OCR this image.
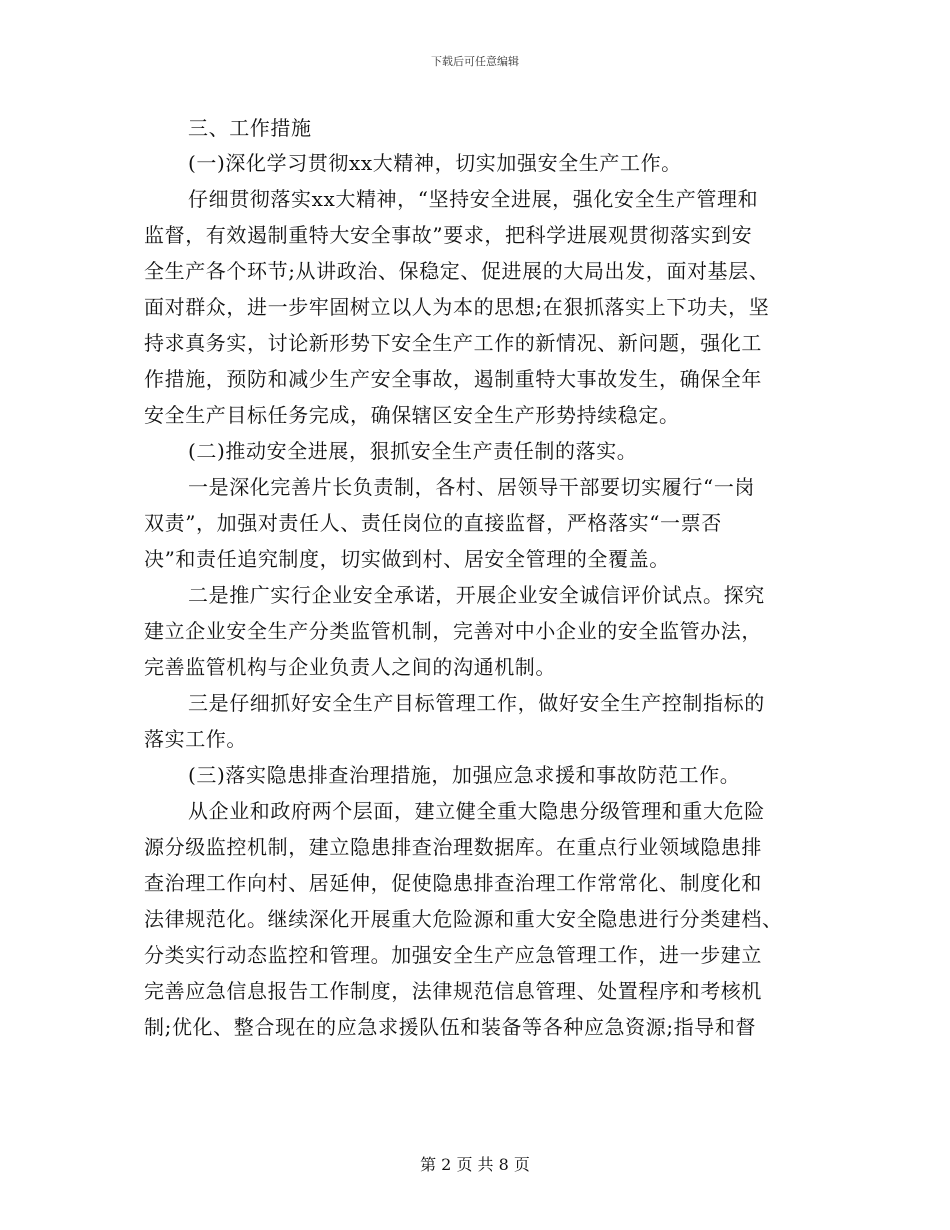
下载后可任意编辑
三、工作措施
(一)深化学习贯彻xx大精神，切实加强安全生产工作。
仔细贯彻落实xx大精神，“坚持安全进展，强化安全生产管理和
监督，有效遏制重特大安全事故”要求，把科学进展观贯彻落实到安
全生产各个环节;从讲政治、保稳定、促进展的大局出发，面对基层、
面对群众，进一步牢固树立以人为本的思想;在狠抓落实上下功夫，坚
持求真务实，讨论新形势下安全生产工作的新情况、新问题，强化工
作措施，预防和减少生产安全事故，遏制重特大事故发生，确保全年
安全生产目标任务完成，确保辖区安全生产形势持续稳定。
(二)推动安全进展，狠抓安全生产责任制的落实。
一是深化完善片长负责制，各村、居领导干部要切实履行“一岗
双责”，加强对责任人、责任岗位的直接监督，严格落实“一票否
决”和责任追究制度，切实做到村、居安全管理的全覆盖。
二是推广实行企业安全承诺，开展企业安全诚信评价试点。探究
建立企业安全生产分类监管机制，完善对中小企业的安全监管办法，
完善监管机构与企业负责人之间的沟通机制。
三是仔细抓好安全生产目标管理工作，做好安全生产控制指标的
落实工作。
(三)落实隐患排查治理措施，加强应急求援和事故防范工作。
从企业和政府两个层面，建立健全重大隐患分级管理和重大危险
源分级监控机制，建立隐患排查治理数据库。在重点行业领域隐患排
查治理工作向村、居延伸，促使隐患排查治理工作常常化、制度化和
法律规范化。继续深化开展重大危险源和重大安全隐患进行分类建档、
分类实行动态监控和管理。加强安全生产应急管理工作，进一步建立
完善应急信息报告工作制度，法律规范信息管理、处置程序和考核机
制;优化、整合现在的应急求援队伍和装备等各种应急资源;指导和督
第 2 页 共 8 页
